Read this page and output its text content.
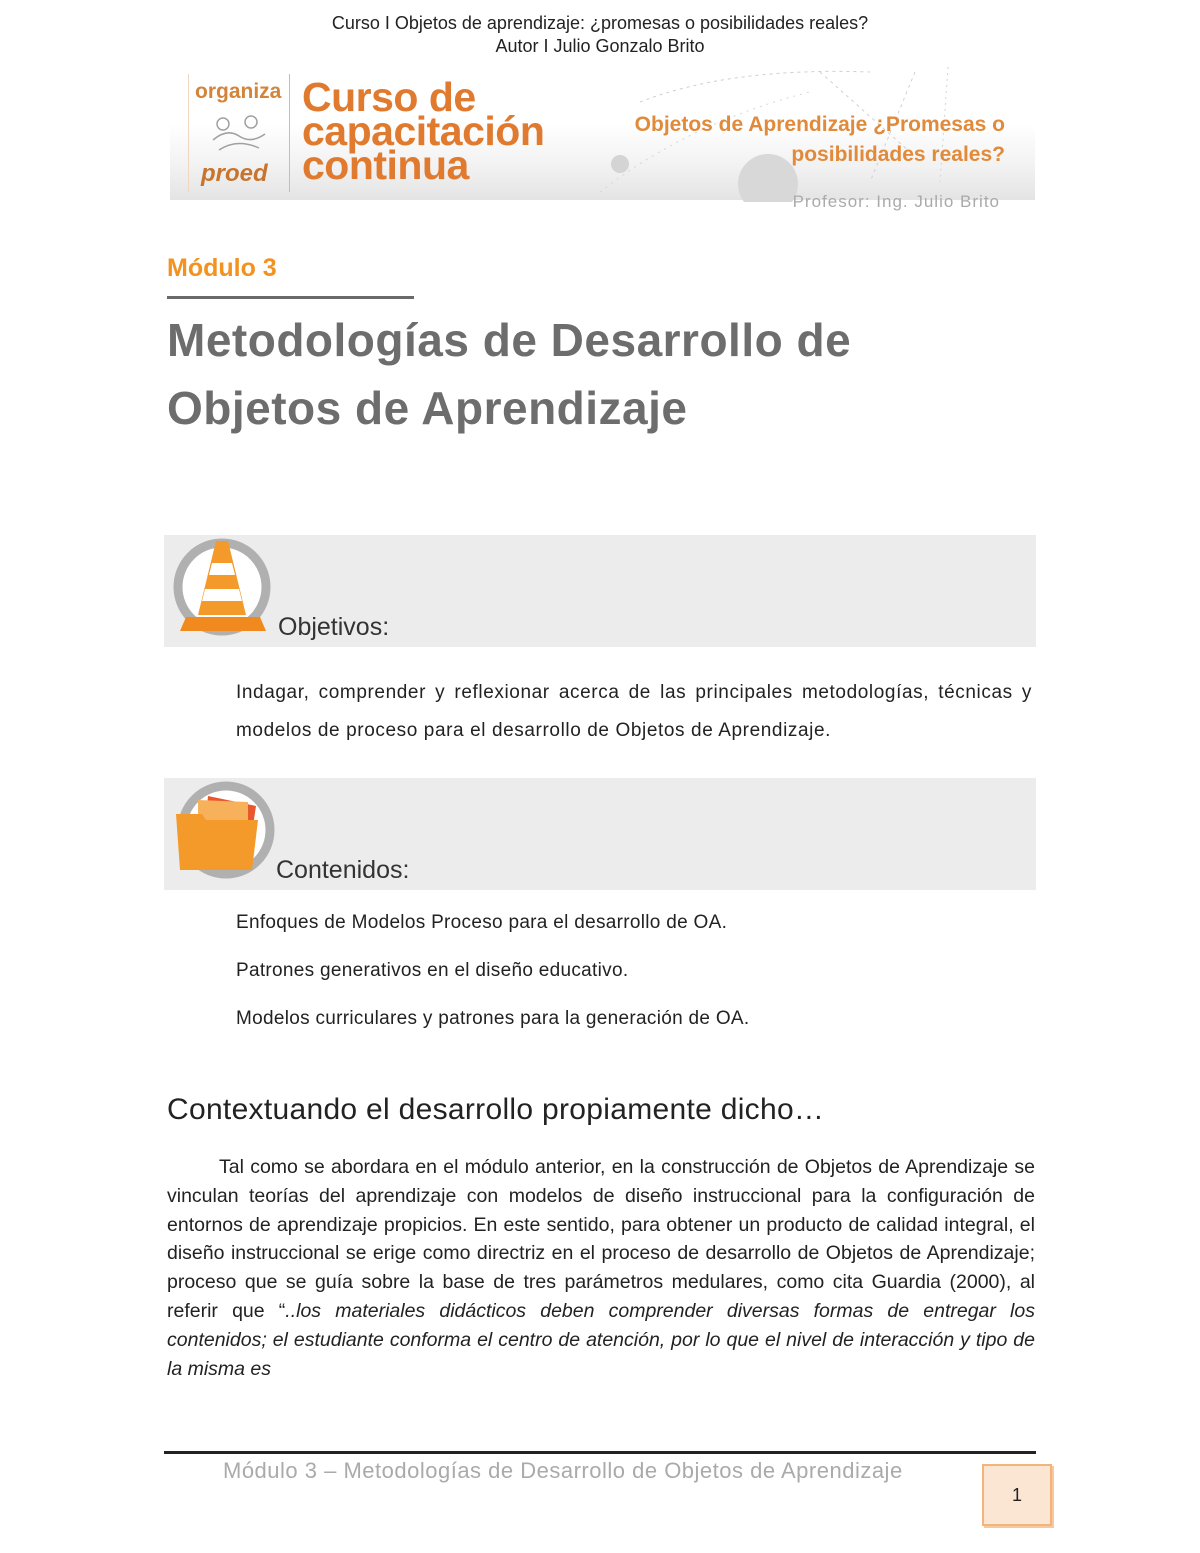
Curso I Objetos de aprendizaje: ¿promesas o posibilidades reales?
Autor I Julio Gonzalo Brito
organiza
proed
Curso de
capacitación
continua
Objetos de Aprendizaje ¿Promesas o
posibilidades reales?
Profesor: Ing. Julio Brito
Módulo 3
Metodologías de Desarrollo de
Objetos de Aprendizaje
Objetivos:
Indagar, comprender y reflexionar acerca de las principales metodologías, técnicas y modelos de proceso para el desarrollo de Objetos de Aprendizaje.
Contenidos:
Enfoques de Modelos Proceso para el desarrollo de OA.
Patrones generativos en el diseño educativo.
Modelos curriculares y patrones para la generación de OA.
Contextuando el desarrollo propiamente dicho…
Tal como se abordara en el módulo anterior, en la construcción de Objetos de Aprendizaje se vinculan teorías del aprendizaje con modelos de diseño instruccional para la configuración de entornos de aprendizaje propicios. En este sentido, para obtener un producto de calidad integral, el diseño instruccional se erige como directriz en el proceso de desarrollo de Objetos de Aprendizaje; proceso que se guía sobre la base de tres parámetros medulares, como cita Guardia (2000), al referir que “..los materiales didácticos deben comprender diversas formas de entregar los contenidos; el estudiante conforma el centro de atención, por lo que el nivel de interacción y tipo de la misma es
Módulo 3 – Metodologías de Desarrollo de Objetos de Aprendizaje
1
